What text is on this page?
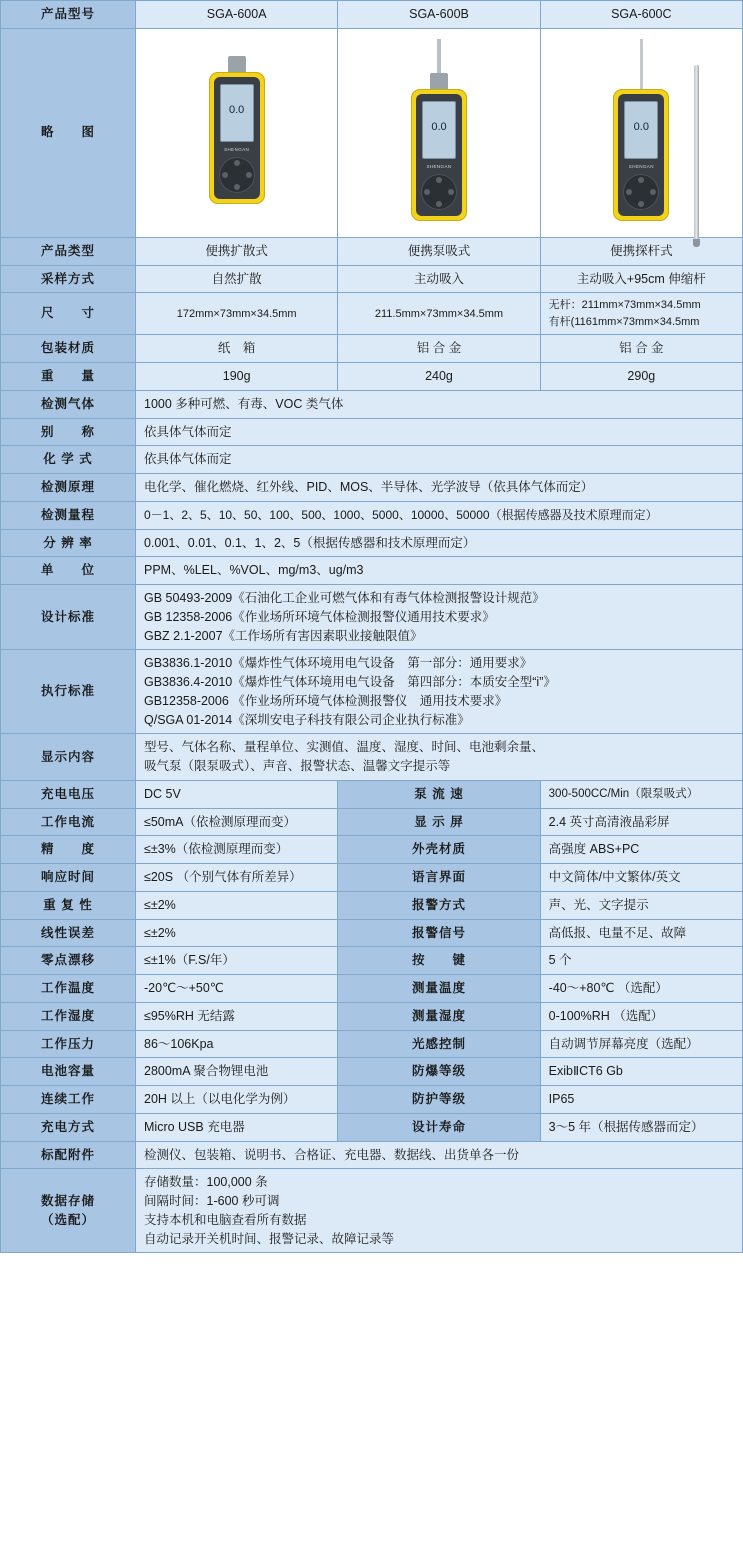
产品型号	SGA-600A	SGA-600B	SGA-600C
略　　图	
0.0
SHENGAN

0.0
SHENGAN

0.0
SHENGAN

产品类型	便携扩散式	便携泵吸式	便携探杆式
采样方式	自然扩散	主动吸入	主动吸入+95cm 伸缩杆
尺　　寸	172mm×73mm×34.5mm	211.5mm×73mm×34.5mm	无杆：211mm×73mm×34.5mm
有杆(1161mm×73mm×34.5mm

包装材质	纸　箱	铝 合 金	铝 合 金
重　　量	190g	240g	290g
检测气体	1000 多种可燃、有毒、VOC 类气体		
别　　称	依具体气体而定		
化 学 式	依具体气体而定		
检测原理	电化学、催化燃烧、红外线、PID、MOS、半导体、光学波导（依具体气体而定）		
检测量程	0－1、2、5、10、50、100、500、1000、5000、10000、50000（根据传感器及技术原理而定）		
分 辨 率	0.001、0.01、0.1、1、2、5（根据传感器和技术原理而定）		
单　　位	PPM、%LEL、%VOL、mg/m3、ug/m3		
设计标准	GB 50493-2009《石油化工企业可燃气体和有毒气体检测报警设计规范》
GB 12358-2006《作业场所环境气体检测报警仪通用技术要求》
GBZ 2.1-2007《工作场所有害因素职业接触限值》		

执行标准	GB3836.1-2010《爆炸性气体环境用电气设备　第一部分：通用要求》
GB3836.4-2010《爆炸性气体环境用电气设备　第四部分：本质安全型“i”》
GB12358-2006 《作业场所环境气体检测报警仪　通用技术要求》
Q/SGA 01-2014《深圳安电子科技有限公司企业执行标准》		

显示内容	型号、气体名称、量程单位、实测值、温度、湿度、时间、电池剩余量、
吸气泵（限泵吸式）、声音、报警状态、温馨文字提示等		

充电电压	DC 5V	泵 流 速	300-500CC/Min（限泵吸式）
工作电流	≤50mA（依检测原理而变）	显 示 屏	2.4 英寸高清液晶彩屏
精　　度	≤±3%（依检测原理而变）	外壳材质	高强度 ABS+PC
响应时间	≤20S （个别气体有所差异）	语言界面	中文简体/中文繁体/英文
重 复 性	≤±2%	报警方式	声、光、文字提示
线性误差	≤±2%	报警信号	高低报、电量不足、故障
零点漂移	≤±1%（F.S/年）	按　　键	5 个
工作温度	-20℃～+50℃	测量温度	-40～+80℃ （选配）
工作湿度	≤95%RH 无结露	测量湿度	0-100%RH （选配）
工作压力	86～106Kpa	光感控制	自动调节屏幕亮度（选配）
电池容量	2800mA 聚合物锂电池	防爆等级	ExibⅡCT6 Gb
连续工作	20H 以上（以电化学为例）	防护等级	IP65
充电方式	Micro USB 充电器	设计寿命	3～5 年（根据传感器而定）
标配附件	检测仪、包装箱、说明书、合格证、充电器、数据线、出货单各一份		

数据存储
（选配）	存储数量：100,000 条
间隔时间：1-600 秒可调
支持本机和电脑查看所有数据
自动记录开关机时间、报警记录、故障记录等		
